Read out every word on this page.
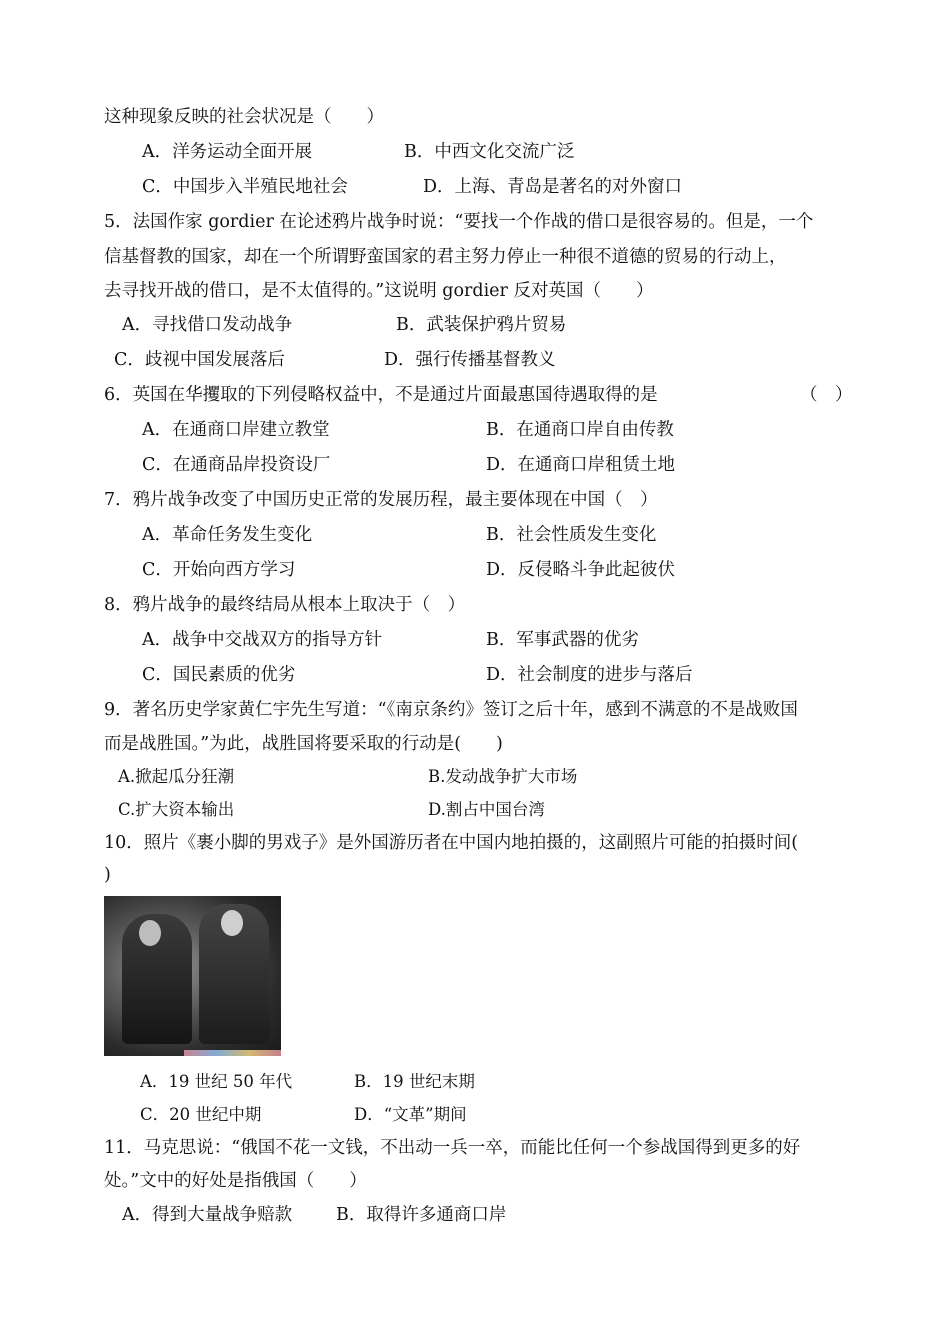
这种现象反映的社会状况是（　　）
A．洋务运动全面开展	B．中西文化交流广泛
C．中国步入半殖民地社会	D．上海、青岛是著名的对外窗口
5．法国作家 gordier 在论述鸦片战争时说：“要找一个作战的借口是很容易的。但是，一个
信基督教的国家，却在一个所谓野蛮国家的君主努力停止一种很不道德的贸易的行动上，
去寻找开战的借口，是不太值得的。”这说明 gordier 反对英国（　　）
A．寻找借口发动战争	B．武装保护鸦片贸易
C．歧视中国发展落后	D．强行传播基督教义
6．英国在华攫取的下列侵略权益中，不是通过片面最惠国待遇取得的是	（　）
A．在通商口岸建立教堂	B．在通商口岸自由传教
C．在通商品岸投资设厂	D．在通商口岸租赁土地
7．鸦片战争改变了中国历史正常的发展历程，最主要体现在中国（　）
A．革命任务发生变化	B．社会性质发生变化
C．开始向西方学习	D．反侵略斗争此起彼伏
8．鸦片战争的最终结局从根本上取决于（　）
A．战争中交战双方的指导方针	B．军事武器的优劣
C．国民素质的优劣	D．社会制度的进步与落后
9．著名历史学家黄仁宇先生写道：“《南京条约》签订之后十年，感到不满意的不是战败国
而是战胜国。”为此，战胜国将要采取的行动是(　　)
A.掀起瓜分狂潮	B.发动战争扩大市场
C.扩大资本输出	D.割占中国台湾
10．照片《裹小脚的男戏子》是外国游历者在中国内地拍摄的，这副照片可能的拍摄时间(
)
A．19 世纪 50 年代	B．19 世纪末期
C．20 世纪中期	D．“文革”期间
11．马克思说：“俄国不花一文钱，不出动一兵一卒，而能比任何一个参战国得到更多的好
处。”文中的好处是指俄国（　　）
A．得到大量战争赔款	B．取得许多通商口岸
